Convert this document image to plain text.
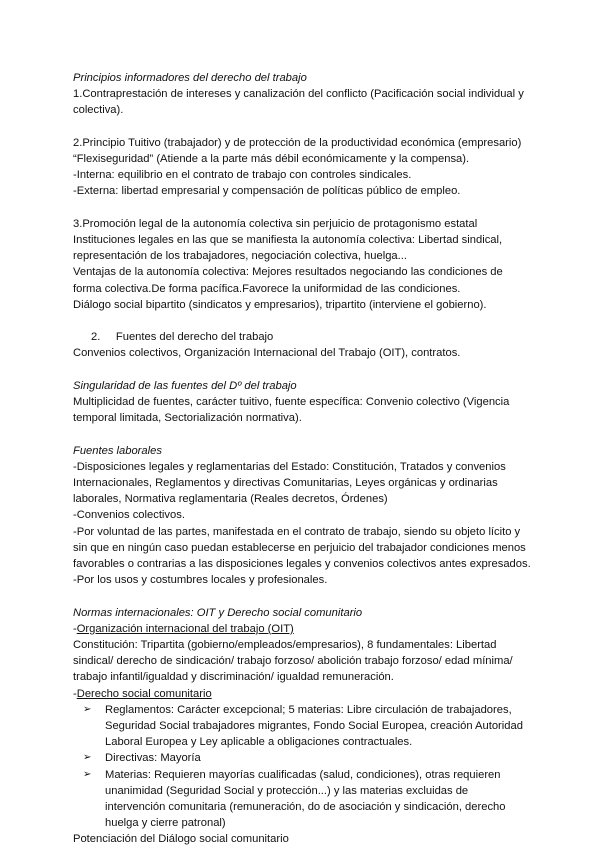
Principios informadores del derecho del trabajo
1.Contraprestación de intereses y canalización del conflicto (Pacificación social individual y
colectiva).
2.Principio Tuitivo (trabajador) y de protección de la productividad económica (empresario)
“Flexiseguridad” (Atiende a la parte más débil económicamente y la compensa).
-Interna: equilibrio en el contrato de trabajo con controles sindicales.
-Externa: libertad empresarial y compensación de políticas público de empleo.
3.Promoción legal de la autonomía colectiva sin perjuicio de protagonismo estatal
Instituciones legales en las que se manifiesta la autonomía colectiva: Libertad sindical,
representación de los trabajadores, negociación colectiva, huelga...
Ventajas de la autonomía colectiva: Mejores resultados negociando las condiciones de
forma colectiva.De forma pacífica.Favorece la uniformidad de las condiciones.
Diálogo social bipartito (sindicatos y empresarios), tripartito (interviene el gobierno).
2. Fuentes del derecho del trabajo
Convenios colectivos, Organización Internacional del Trabajo (OIT), contratos.
Singularidad de las fuentes del Dº del trabajo
Multiplicidad de fuentes, carácter tuitivo, fuente específica: Convenio colectivo (Vigencia
temporal limitada, Sectorialización normativa).
Fuentes laborales
-Disposiciones legales y reglamentarias del Estado: Constitución, Tratados y convenios
Internacionales, Reglamentos y directivas Comunitarias, Leyes orgánicas y ordinarias
laborales, Normativa reglamentaria (Reales decretos, Órdenes)
-Convenios colectivos.
-Por voluntad de las partes, manifestada en el contrato de trabajo, siendo su objeto lícito y
sin que en ningún caso puedan establecerse en perjuicio del trabajador condiciones menos
favorables o contrarias a las disposiciones legales y convenios colectivos antes expresados.
-Por los usos y costumbres locales y profesionales.
Normas internacionales: OIT y Derecho social comunitario
-Organización internacional del trabajo (OIT)
Constitución: Tripartita (gobierno/empleados/empresarios), 8 fundamentales: Libertad
sindical/ derecho de sindicación/ trabajo forzoso/ abolición trabajo forzoso/ edad mínima/
trabajo infantil/igualdad y discriminación/ igualdad remuneración.
-Derecho social comunitario
➢ Reglamentos: Carácter excepcional; 5 materias: Libre circulación de trabajadores,
Seguridad Social trabajadores migrantes, Fondo Social Europea, creación Autoridad
Laboral Europea y Ley aplicable a obligaciones contractuales.
➢ Directivas: Mayoría
➢ Materias: Requieren mayorías cualificadas (salud, condiciones), otras requieren
unanimidad (Seguridad Social y protección...) y las materias excluidas de
intervención comunitaria (remuneración, do de asociación y sindicación, derecho
huelga y cierre patronal)
Potenciación del Diálogo social comunitario
